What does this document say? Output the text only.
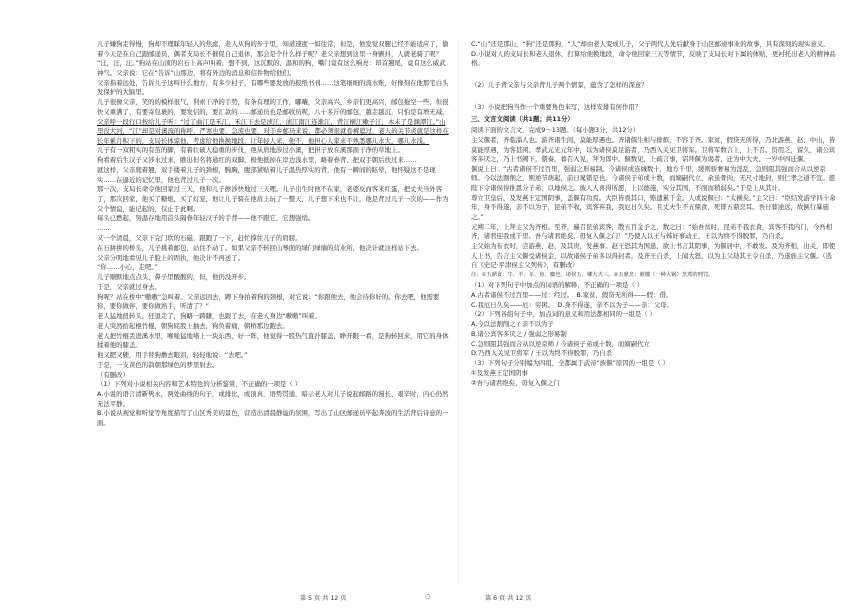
儿子嫌狗走得慢，狗却不理睬年轻人的焦虑，老人从狗的步子里，知道速度一如往常，但是，他发觉双腿已经不能适应了，偷着今天是在自己跟邮递员，偶者支局长不催促自己退休，那会是个什么样子呢？老父亲想到这里一身颤抖，人就老骑了呢？

“汪，汪，汪。”狗站在山顶的岩石上高声叫着，想不到，这沉默的、温和的狗，嘴门竟有这么响亮：昂首翘尾，竟有这么威武神气。父亲说：它在“告诉”山那边，将有外边的消息和信件物给他们。

父亲指着远处，告诉儿子这叫什么地方，有多少村子，有哪些要发放的报纸书刊……这笔细细的流水账，好像刻在他那宅白头发保护的大脑里。

儿子很像父亲，笑的的模样很气，利索干净的手势，有条有理的工作，嘟嚷，父亲高兴，乡亲们更高兴，邮包拖空一些，但很快又重满了，有要寄包裹的，要发信的，要汇款的……邮递员也是邮收员呢，八十多斤的邮包，越走越沉，只怕是有增无减。

父亲呼一段行口按给儿子听：“过了曲江是禾江，禾江下去是浈江，浈江南江连渐江，背江横江嗽子江，木末了是渊潭江。”山里没大河，“江”却是对溪流的称呼，严寒也要，急流也要，对于乡邮员来说，都必须很就卷裤遮过，老人的关节炎就是这样在长年累月积下的，支局长体谅他，考虑给他换换地段，让年轻人来，他不，他担心人家来不熟悉哪儿水大，哪儿水浅。

儿子有一双粗实的有茧的脚，有着壮硕人稳重的步伐，他从肩地涉过小溪，把担子放在溪那面干净的草地上。

狗看着后生汉子又涉水过来，瞧出但名将通红的双脚，极他抵掉在岸边浅水里，略着眷背，把双手朝后扶过来……

就这样，父亲爬着翘，双手搂着儿子的颈根，胸胸，腹部紧贴着儿子温热厚实的背，他有一瞬间的眩晕，他怀疑这不是现实……在逼近的记忆里，他也背过儿子一次。

那一次，支局长命令他回家过三天，他和儿子擦涉快地过三天哩。儿子出生时他不在家，老婆反而客来红蛋，把丈夫当外客了，那次回家，他买了糖炮，买了灯宠，他让儿子骑在他肩上玩了一整天，儿子想下来也不让，他是背过儿子一次的——作为父个情谊，能记起的，仅止于此啊。

每头已燃起，努温存地用首头隔眷年轻汉子的手背——他不跟它，它想强悄。

……

又一个清晨，父亲下完门坎的石磁，跟跑了一下，赶忙撑住儿子的肩膀。

在石拼拼的桥头，儿子挑着邮包，站住不动了。如果父亲不转回山琴面的绿门绿墙的营业所，他决计就这样站下去。

父亲分明地看见儿子脸上的固执，他决计不再送了。

“你……小心，走吧。”

儿子顺默地点点头，鼻子里酸酸的，但，他仍没开步。

于是，父亲就过身去。

狗呢？站在桥中“嗷嗷”急叫着。父亲远回去，蹲下身拍着狗的颈根，对它说：“你跟他去，他会待你好的。你去吧，他需要你，要你做伴，要你做熟手，听清了？”

老人猛地扭转头，狂退走了，狗略一踌躇，也跟了去，在老人身边“嗷嗷”叫着。

老人突然拾起棍竹棍，朝狗屁股上抽去，狗负着痛，朝桥那边跑去。

老人把竹棍丢进溪水里，喉咙猛地堵上一块东西，好一阵，他觉得一股热气直扑膝盖，睁开眼一看，是狗转回来，用它的身体揉着他的膝盖。

他又肥又硬，用手替狗撸去眼泪，轻轻地说：“去吧。”

于是，一支黄色的箭朝那绿色的梦里射去。

（有删改）

（1）下列对小说相关内容和艺术特色的分析鉴赏，不正确的一项是（ ）

A.小说的语言清新隽永，两处曲线的句子，或排比，或顶真，语势贯通，暗示老人对儿子说起邮路的漫长、艰辛时，内心仍然无法平静。

B.小说从视觉和听觉等角度描写了山区秀美的景色，营造出清晨静谧的氛围，写出了山区邮递员毕起奔波的生活背后诗意的一面。

C.“山”还是那山，“狗”还是那狗，“人”却由老人变成儿子，父子两代人先后献身于山区邮递事业的故事，具有深刻的现实意义。

D.小说对人的支局长和老人退休，打算给他换地段，命令他回家三天等情节，反映了支局长对下属的体贴，更衬托出老人的精神品格。

（2）儿子背父亲与父亲背儿子两个情景，蕴含了怎样的深意？

（3）小说把狗当作一个重要角色来写，这样安排有何作用？

三、文言文阅读（共1题；共11分）

阅读下面的文言文，完成9～13题。（每小题3分，共12分）

主父偃者，齐临淄人也。游齐诸生间，莫能厚遇也。齐诸儒生相与排摈，不容于齐。家贫，假贷无所得，乃北游燕、赵、中山，皆莫能厚遇，为客甚困。孝武元光元年中，以为诸侯莫足游者，乃西入关见卫将军。卫将军数言上，上不召。资用乏，留久，诸公宾客多厌之，乃上书阙下，朝奏，暮召入见，拜为郎中。偃数见，上疏言事，诏拜偃为谒者，迁为中大夫，一岁中四迁偃。

偃说上曰：“古者诸侯不过百里，强弱之形易制。今诸侯或连城数十，地方千里，缓则骄奢易为淫乱，急则阻其强而合从以逆京师。今以法割削之，则逆节萌起，前日晁错是也。今诸侯子弟或十数，而嫡嗣代立，余虽骨肉，无尺寸地封，则仁孝之道不宣。愿陛下令诸侯得推恩分子弟，以地侯之。彼人人喜得所愿，上以德施，实分其国，不削而稍弱矣。”于是上从其计。

尊立卫皇后，及发燕王定国阴事，盖偃有功焉。大臣皆畏其口，赂遗累千金。人或说偃曰：“太横矣。”主父曰：“臣结发游学四十余年，身不得遂，亲不以为子，昆弟不收，宾客弃我，我厄日久矣。且丈夫生不五鼎食，死即五鼎烹耳。吾日暮途远，故倒行暴施之。”

元朔二年，上拜主父为齐相。至齐，遍召昆弟宾客，散五百金予之，数之曰：“始吾贫时，昆弟不我衣食，宾客不我内门，今吾相齐，诸君迎我或千里。吾与诸君绝矣，毋复入偃之门！”乃使人以王与姊奸事动王，王以为终不得脱罪，乃自杀。

主父始为布衣时，尝游燕、赵，及其贵，发燕事。赵王恐其为国患，欲上书言其阴事，为偃居中，不敢发。及为齐相，出关，即使人上书，告言主父偃受诸侯金，以故诸侯子弟多以得封者。及齐王自杀，上闻大怒，以为主父劫其王令自杀，乃遂族主父偃。（选自《史记·平津侯主父列传》，有删改）

注：①五鼎食：牛、羊、豕、鱼、麋也，诸侯五，卿大夫三。②五鼎烹：被镬（一种大锅）烹煮的刑罚。

（1）对下列句子中加点的词语的解释，不正确的一项是（ ）

A.古者诸侯不过百里——过：经过。　B.家贫，假贷无所得——假：借。

C.我厄日久矣——厄：穷困。　D.身不得遂，亲不以为子——亲：父母。

（2）下列各组句子中，加点词的意义和用法都相同的一组是（ ）

A.今以法割削之 / 亲不以为子

B.诸公宾客多厌之 / 强弱之形易制

C.急则阻其强而合从以逆京师 / 今诸侯子弟或十数，而嫡嗣代立

D.乃西入关见卫将军 / 王以为终不得脱罪，乃自杀

（3）下列句子分别编为四组，全都属于武帝“族偃”原因的一组是（ ）

①及发燕王定国阴事

②吾与诸君绝矣，毋复入偃之门

第 5 页 共 12 页	○	第 6 页 共 12 页
